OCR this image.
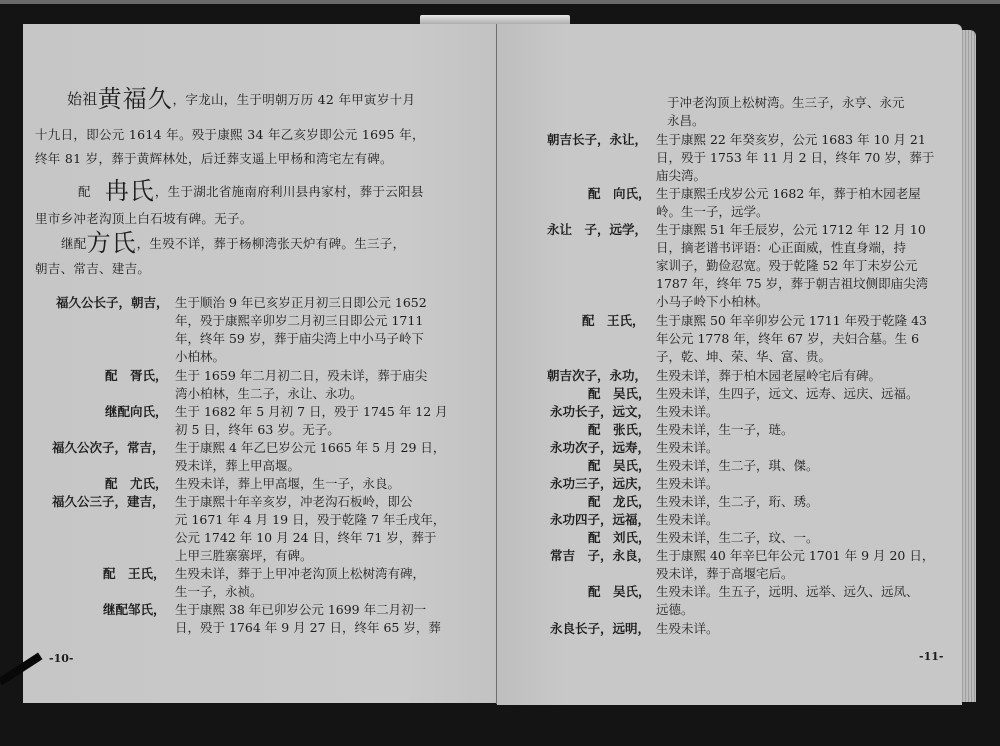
始祖黄福久，字龙山，生于明朝万历 42 年甲寅岁十月
十九日，即公元 1614 年。殁于康熙 34 年乙亥岁即公元 1695 年，
终年 81 岁，葬于黄辉林处，后迁葬支遥上甲杨和湾宅左有碑。
配 冉氏，生于湖北省施南府利川县冉家村，葬于云阳县
里市乡冲老沟顶上白石坡有碑。无子。
继配方氏，生殁不详，葬于杨柳湾张天炉有碑。生三子，
朝吉、常吉、建吉。
福久公长子，朝吉， 生于顺治 9 年已亥岁正月初三日即公元 1652
年，殁于康熙辛卯岁二月初三日即公元 1711
年，终年 59 岁，葬于庙尖湾上中小马子岭下
小柏林。
配　胥氏， 生于 1659 年二月初二日，殁未详，葬于庙尖
湾小柏林，生二子，永让、永功。
继配向氏， 生于 1682 年 5 月初 7 日，殁于 1745 年 12 月
初 5 日，终年 63 岁。无子。
福久公次子，常吉， 生于康熙 4 年乙巳岁公元 1665 年 5 月 29 日，
殁未详，葬上甲高堰。
配　尤氏， 生殁未详，葬上甲高堰，生一子，永良。
福久公三子，建吉， 生于康熙十年辛亥岁，冲老沟石板岭，即公
元 1671 年 4 月 19 日，殁于乾隆 7 年壬戌年，
公元 1742 年 10 月 24 日，终年 71 岁，葬于
上甲三胜寨寨坪，有碑。
配　王氏， 生殁未详，葬于上甲冲老沟顶上松树湾有碑，
生一子，永祯。
继配邹氏， 生于康熙 38 年已卯岁公元 1699 年二月初一
日，殁于 1764 年 9 月 27 日，终年 65 岁，葬
-10-
于冲老沟顶上松树湾。生三子，永亨、永元
永昌。
朝吉长子，永让， 生于康熙 22 年癸亥岁，公元 1683 年 10 月 21
日，殁于 1753 年 11 月 2 日，终年 70 岁，葬于
庙尖湾。
配　向氏， 生于康熙壬戌岁公元 1682 年，葬于柏木园老屋
岭。生一子，远学。
永让　子，远学， 生于康熙 51 年壬辰岁，公元 1712 年 12 月 10
日，摘老谱书评语：心正面威，性直身端，持
家训子，勤俭忍宽。殁于乾隆 52 年丁未岁公元
1787 年，终年 75 岁，葬于朝吉祖坟侧即庙尖湾
小马子岭下小柏林。
配　王氏， 生于康熙 50 年辛卯岁公元 1711 年殁于乾隆 43
年公元 1778 年，终年 67 岁，夫妇合墓。生 6
子，乾、坤、荣、华、富、贵。
朝吉次子，永功， 生殁未详，葬于柏木园老屋岭宅后有碑。
配　吴氏， 生殁未详，生四子，远文、远寿、远庆、远福。
永功长子，远文， 生殁未详。
配　张氏， 生殁未详，生一子，琏。
永功次子，远寿， 生殁未详。
配　吴氏， 生殁未详，生二子，琪、傑。
永功三子，远庆， 生殁未详。
配　龙氏， 生殁未详，生二子，珩、琇。
永功四子，远福， 生殁未详。
配　刘氏， 生殁未详，生二子，玟、一。
常吉　子，永良， 生于康熙 40 年辛巳年公元 1701 年 9 月 20 日，
殁未详，葬于高堰宅后。
配　吴氏， 生殁未详。生五子，远明、远举、远久、远凤、
远德。
永良长子，远明， 生殁未详。
-11-
